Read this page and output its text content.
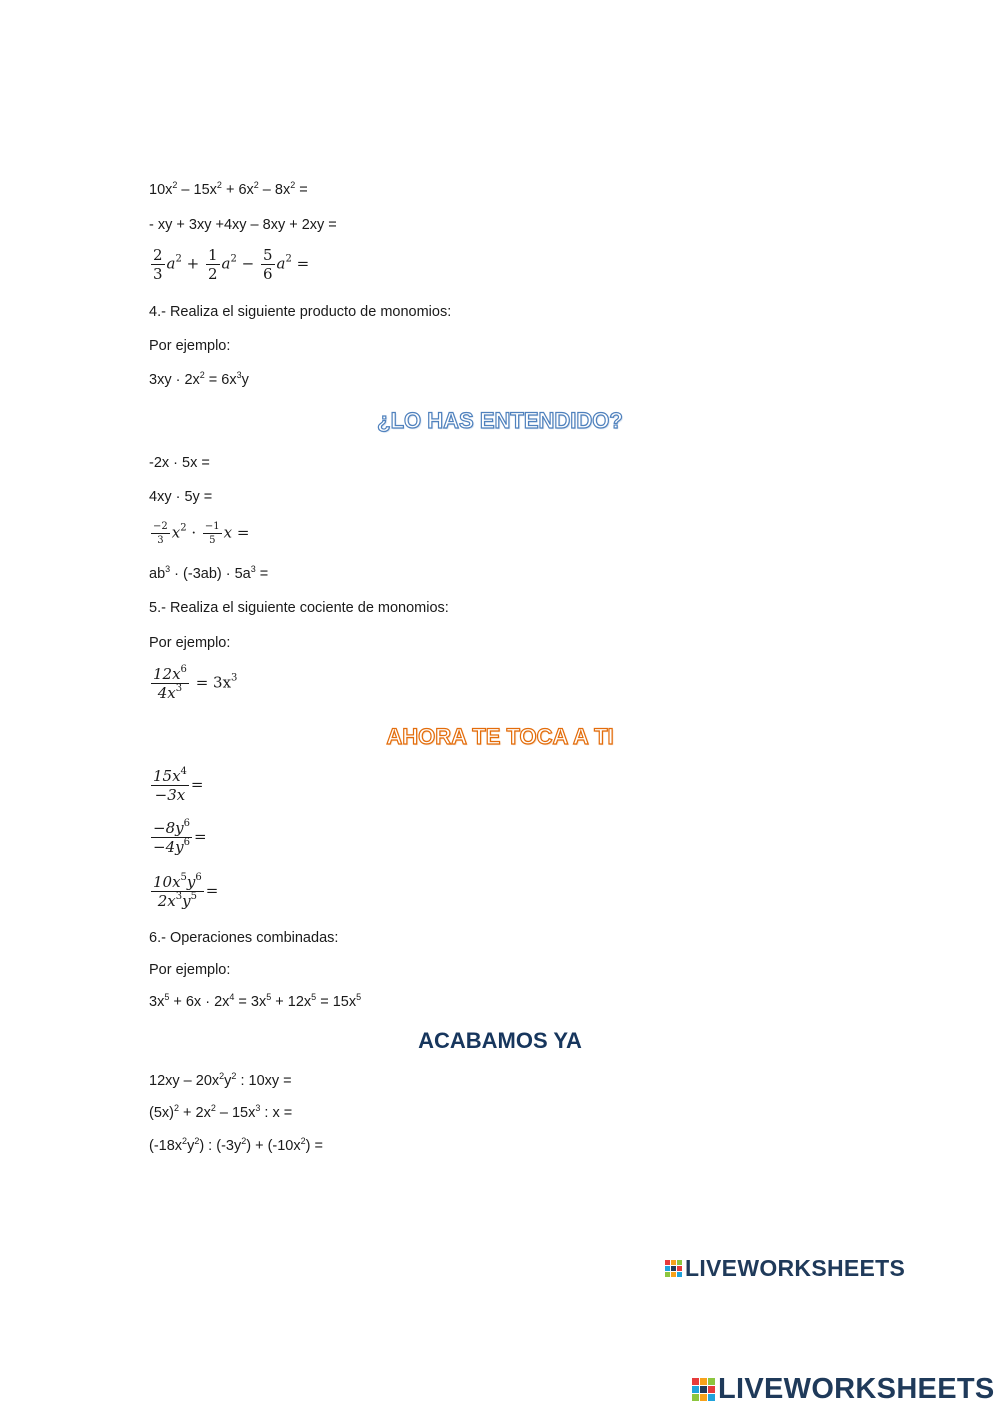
$10x^2 - 15x^2 + 6x^2 - 8x^2$ =
- xy + 3xy +4xy – 8xy + 2xy =
$\frac{2}{3} a^2 + \frac{1}{2} a^2 - \frac{5}{6} a^2$ =
4.- Realiza el siguiente producto de monomios:
Por ejemplo:
$3xy \cdot 2x^2 = 6x^3y$
¿LO HAS ENTENDIDO?
-2x · 5x =
4xy · 5y =
$\frac{-2}{3} x^2 \cdot \frac{-1}{5}$ x =
$ab^3 \cdot (-3ab) \cdot 5a^3$ =
5.- Realiza el siguiente cociente de monomios:
Por ejemplo:
$\frac{12x^6}{4x^3} = 3x^3$
AHORA TE TOCA A TI
$\frac{15x^4}{-3x}$ =
$\frac{-8y^6}{-4y^6}$ =
$\frac{10x^5y^6}{2x^3y^5}$ =
6.- Operaciones combinadas:
Por ejemplo:
$3x^5 + 6x \cdot 2x^4 = 3x^5 + 12x^5 = 15x^5$
ACABAMOS YA
$12xy - 20x^2y^2$ : 10xy =
$(5x)^2 + 2x^2 - 15x^3$ : x =
$(-18x^2y^2)$ : $(-3y^2) + (-10x^2)$ =
LIVEWORKSHEETS
LIVEWORKSHEETS
